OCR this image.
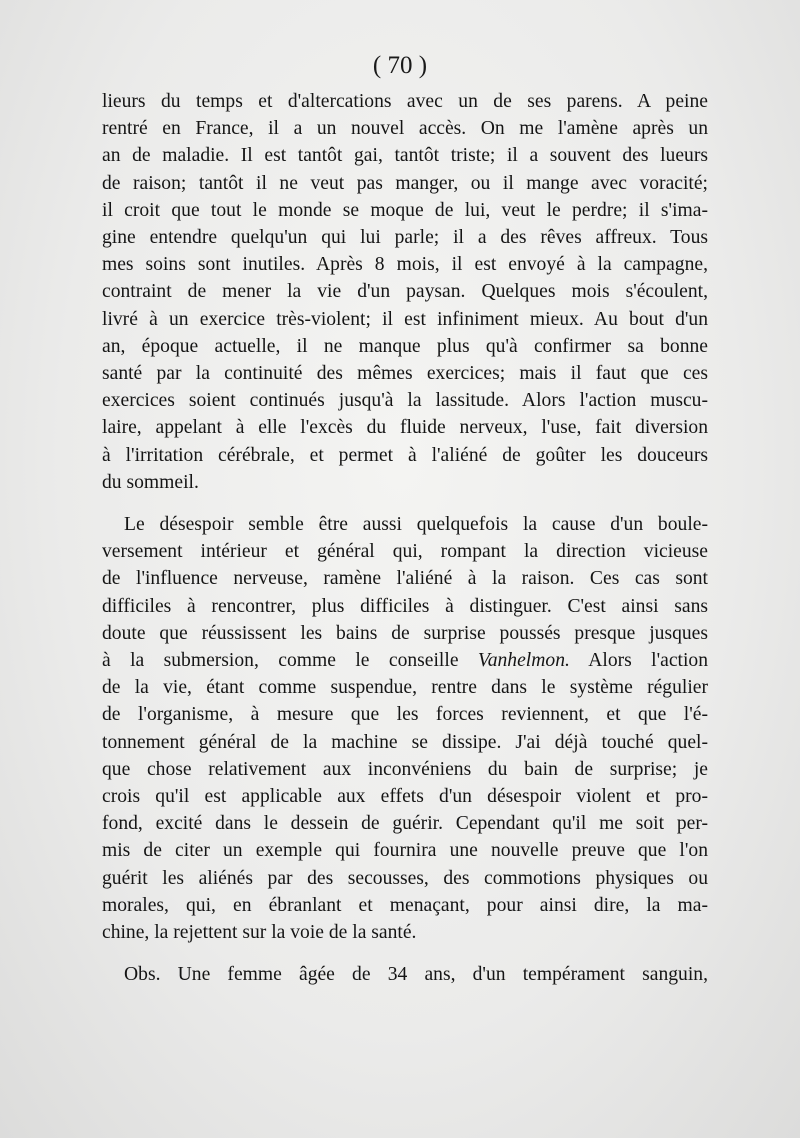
( 70 )
lieurs du temps et d'altercations avec un de ses parens. A peine
rentré en France, il a un nouvel accès. On me l'amène après un
an de maladie. Il est tantôt gai, tantôt triste; il a souvent des lueurs
de raison; tantôt il ne veut pas manger, ou il mange avec voracité;
il croit que tout le monde se moque de lui, veut le perdre; il s'ima-
gine entendre quelqu'un qui lui parle; il a des rêves affreux. Tous
mes soins sont inutiles. Après 8 mois, il est envoyé à la campagne,
contraint de mener la vie d'un paysan. Quelques mois s'écoulent,
livré à un exercice très-violent; il est infiniment mieux. Au bout d'un
an, époque actuelle, il ne manque plus qu'à confirmer sa bonne
santé par la continuité des mêmes exercices; mais il faut que ces
exercices soient continués jusqu'à la lassitude. Alors l'action muscu-
laire, appelant à elle l'excès du fluide nerveux, l'use, fait diversion
à l'irritation cérébrale, et permet à l'aliéné de goûter les douceurs
du sommeil.
Le désespoir semble être aussi quelquefois la cause d'un boule-
versement intérieur et général qui, rompant la direction vicieuse
de l'influence nerveuse, ramène l'aliéné à la raison. Ces cas sont
difficiles à rencontrer, plus difficiles à distinguer. C'est ainsi sans
doute que réussissent les bains de surprise poussés presque jusques
à la submersion, comme le conseille Vanhelmon. Alors l'action
de la vie, étant comme suspendue, rentre dans le système régulier
de l'organisme, à mesure que les forces reviennent, et que l'é-
tonnement général de la machine se dissipe. J'ai déjà touché quel-
que chose relativement aux inconvéniens du bain de surprise; je
crois qu'il est applicable aux effets d'un désespoir violent et pro-
fond, excité dans le dessein de guérir. Cependant qu'il me soit per-
mis de citer un exemple qui fournira une nouvelle preuve que l'on
guérit les aliénés par des secousses, des commotions physiques ou
morales, qui, en ébranlant et menaçant, pour ainsi dire, la ma-
chine, la rejettent sur la voie de la santé.
Obs. Une femme âgée de 34 ans, d'un tempérament sanguin,
